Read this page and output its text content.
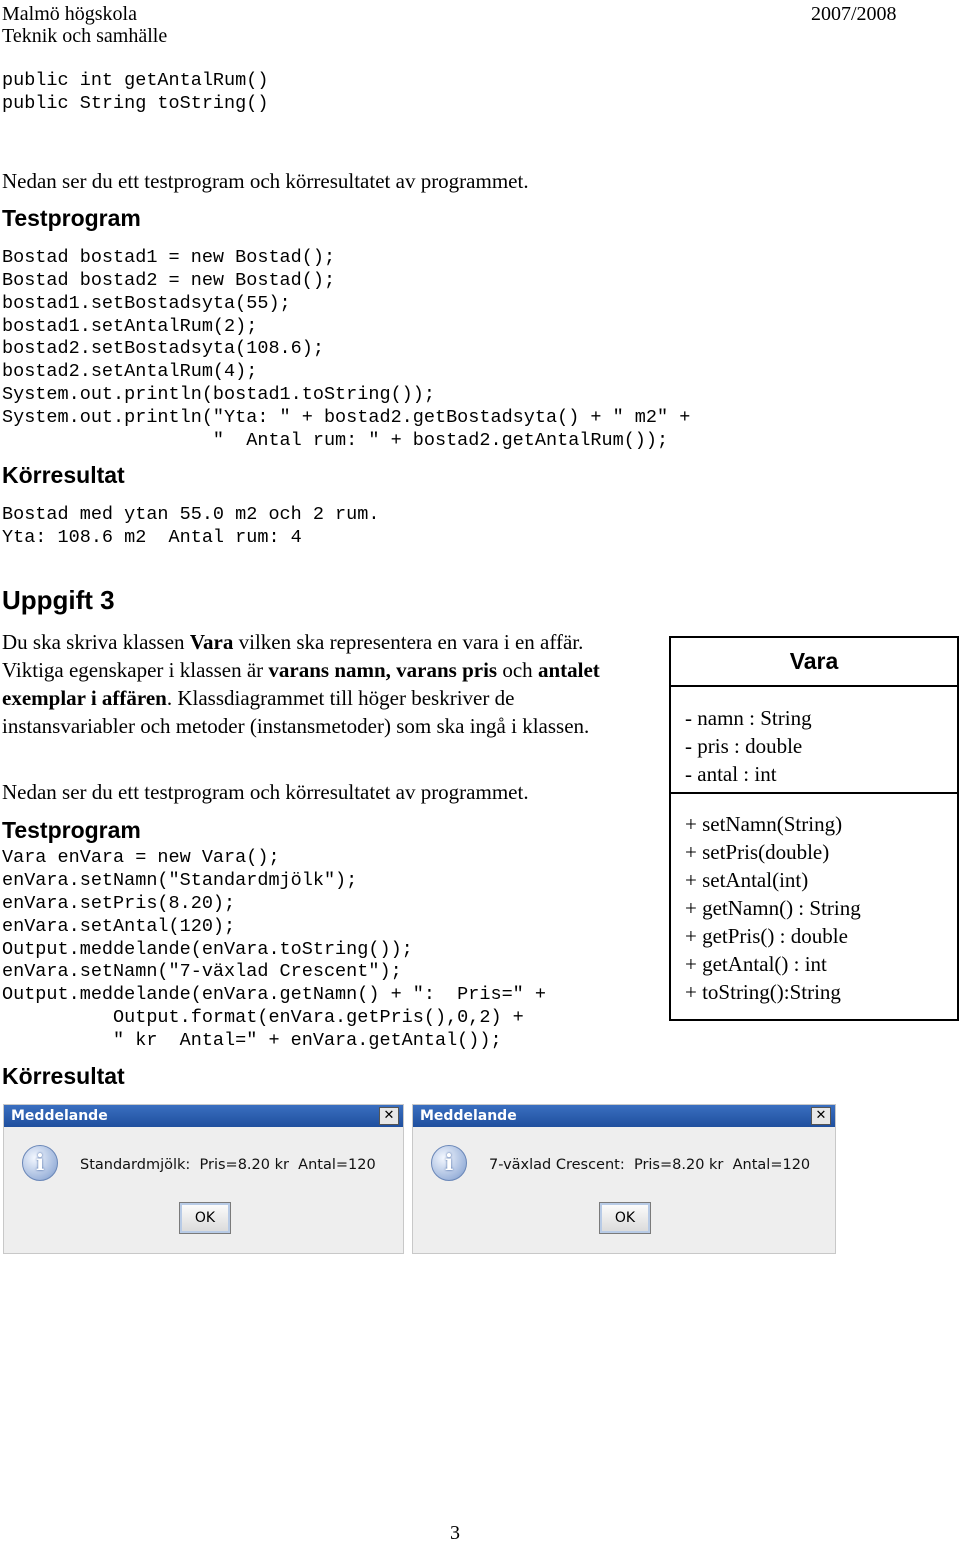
Malmö högskola
Teknik och samhälle
2007/2008
public int getAntalRum()
public String toString()
Nedan ser du ett testprogram och körresultatet av programmet.
Testprogram
Bostad bostad1 = new Bostad();
Bostad bostad2 = new Bostad();
bostad1.setBostadsyta(55);
bostad1.setAntalRum(2);
bostad2.setBostadsyta(108.6);
bostad2.setAntalRum(4);
System.out.println(bostad1.toString());
System.out.println("Yta: " + bostad2.getBostadsyta() + " m2" +
"  Antal rum: " + bostad2.getAntalRum());
Körresultat
Bostad med ytan 55.0 m2 och 2 rum.
Yta: 108.6 m2  Antal rum: 4
Uppgift 3
Du ska skriva klassen Vara vilken ska representera en vara i en affär. Viktiga egenskaper i klassen är varans namn, varans pris och antalet exemplar i affären. Klassdiagrammet till höger beskriver de instansvariabler och metoder (instansmetoder) som ska ingå i klassen.
Nedan ser du ett testprogram och körresultatet av programmet.
Testprogram
Vara enVara = new Vara();
enVara.setNamn("Standardmjölk");
enVara.setPris(8.20);
enVara.setAntal(120);
Output.meddelande(enVara.toString());
enVara.setNamn("7-växlad Crescent");
Output.meddelande(enVara.getNamn() + ":  Pris=" +
Output.format(enVara.getPris(),0,2) +
" kr  Antal=" + enVara.getAntal());
Körresultat
Vara
- namn : String
- pris : double
- antal : int
+ setNamn(String)
+ setPris(double)
+ setAntal(int)
+ getNamn() : String
+ getPris() : double
+ getAntal() : int
+ toString():String
Meddelande	✕
i	Standardmjölk:  Pris=8.20 kr  Antal=120
OK
Meddelande	✕
i	7-växlad Crescent:  Pris=8.20 kr  Antal=120
OK
3
